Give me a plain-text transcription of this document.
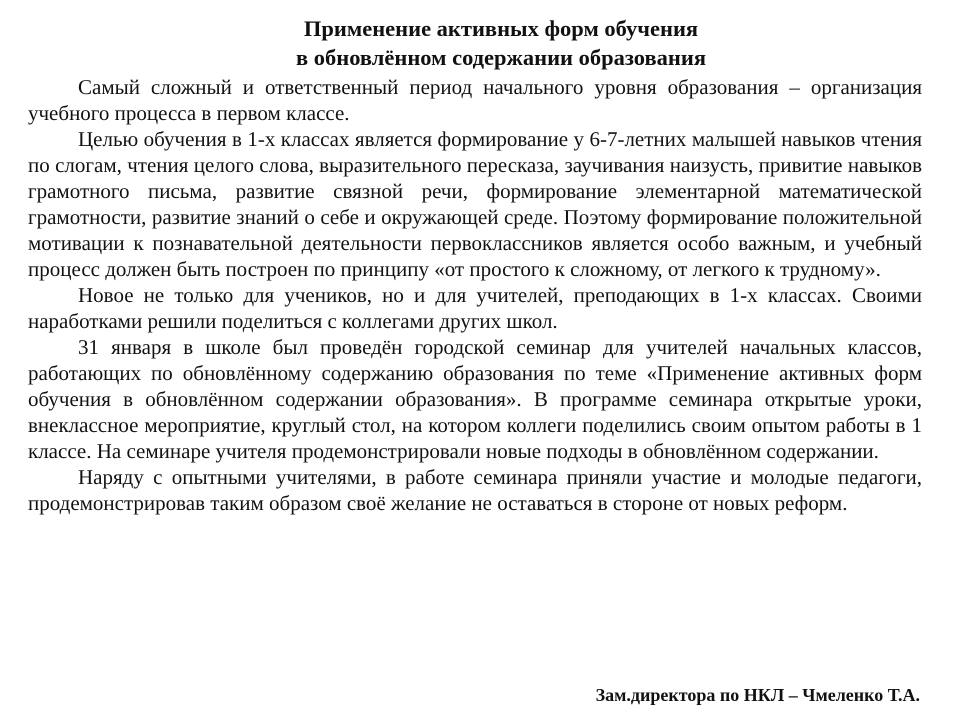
Применение активных форм обучения
в обновлённом содержании образования

Самый сложный и ответственный период начального уровня образования – организация учебного процесса в первом классе.

Целью обучения в 1-х классах является формирование у 6-7-летних малышей навыков чтения по слогам, чтения целого слова, выразительного пересказа, заучивания наизусть, привитие навыков грамотного письма, развитие связной речи, формирование элементарной математической грамотности, развитие знаний о себе и окружающей среде. Поэтому формирование положительной мотивации к познавательной деятельности первоклассников является особо важным, и учебный процесс должен быть построен по принципу «от простого к сложному, от легкого к трудному».

Новое не только для учеников, но и для учителей, преподающих в 1-х классах. Своими наработками решили поделиться с коллегами других школ.

31 января в школе был проведён городской семинар для учителей начальных классов, работающих по обновлённому содержанию образования по теме «Применение активных форм обучения в обновлённом содержании образования». В программе семинара открытые уроки, внеклассное мероприятие, круглый стол, на котором коллеги поделились своим опытом работы в 1 классе. На семинаре учителя продемонстрировали новые подходы в обновлённом содержании.

Наряду с опытными учителями, в работе семинара приняли участие и молодые педагоги, продемонстрировав таким образом своё желание не оставаться в стороне от новых реформ.

Зам.директора по НКЛ – Чмеленко Т.А.
